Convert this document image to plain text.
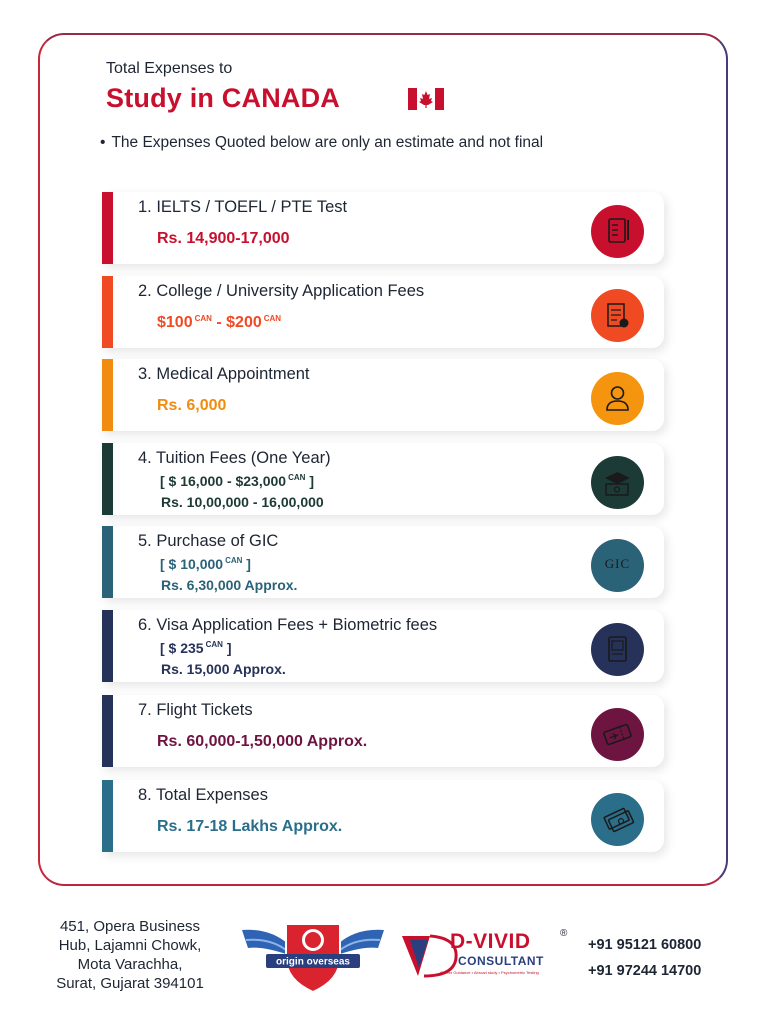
Total Expenses to
Study in CANADA
• The Expenses Quoted below are only an estimate and not final
1. IELTS / TOEFL / PTE Test
Rs. 14,900-17,000
2. College / University Application Fees
$100 $^{CAN}$ - $200 $^{CAN}$
3. Medical Appointment
Rs. 6,000
4. Tuition Fees (One Year)
[ $ 16,000 - $23,000 $^{CAN}$ ]
Rs. 10,00,000 - 16,00,000
5. Purchase of GIC
[ $ 10,000 $^{CAN}$ ]
Rs. 6,30,000 Approx.
GIC
6. Visa Application Fees + Biometric fees
[ $ 235 $^{CAN}$ ]
Rs. 15,000 Approx.
7. Flight Tickets
Rs. 60,000-1,50,000 Approx.
8. Total Expenses
Rs. 17-18 Lakhs Approx.
451, Opera Business
Hub, Lajamni Chowk,
Mota Varachha,
Surat, Gujarat 394101
origin overseas
D-VIVID	®
CONSULTANT
Career Guidance • Abroad study • Psychometric Testing
+91 95121 60800
+91 97244 14700
